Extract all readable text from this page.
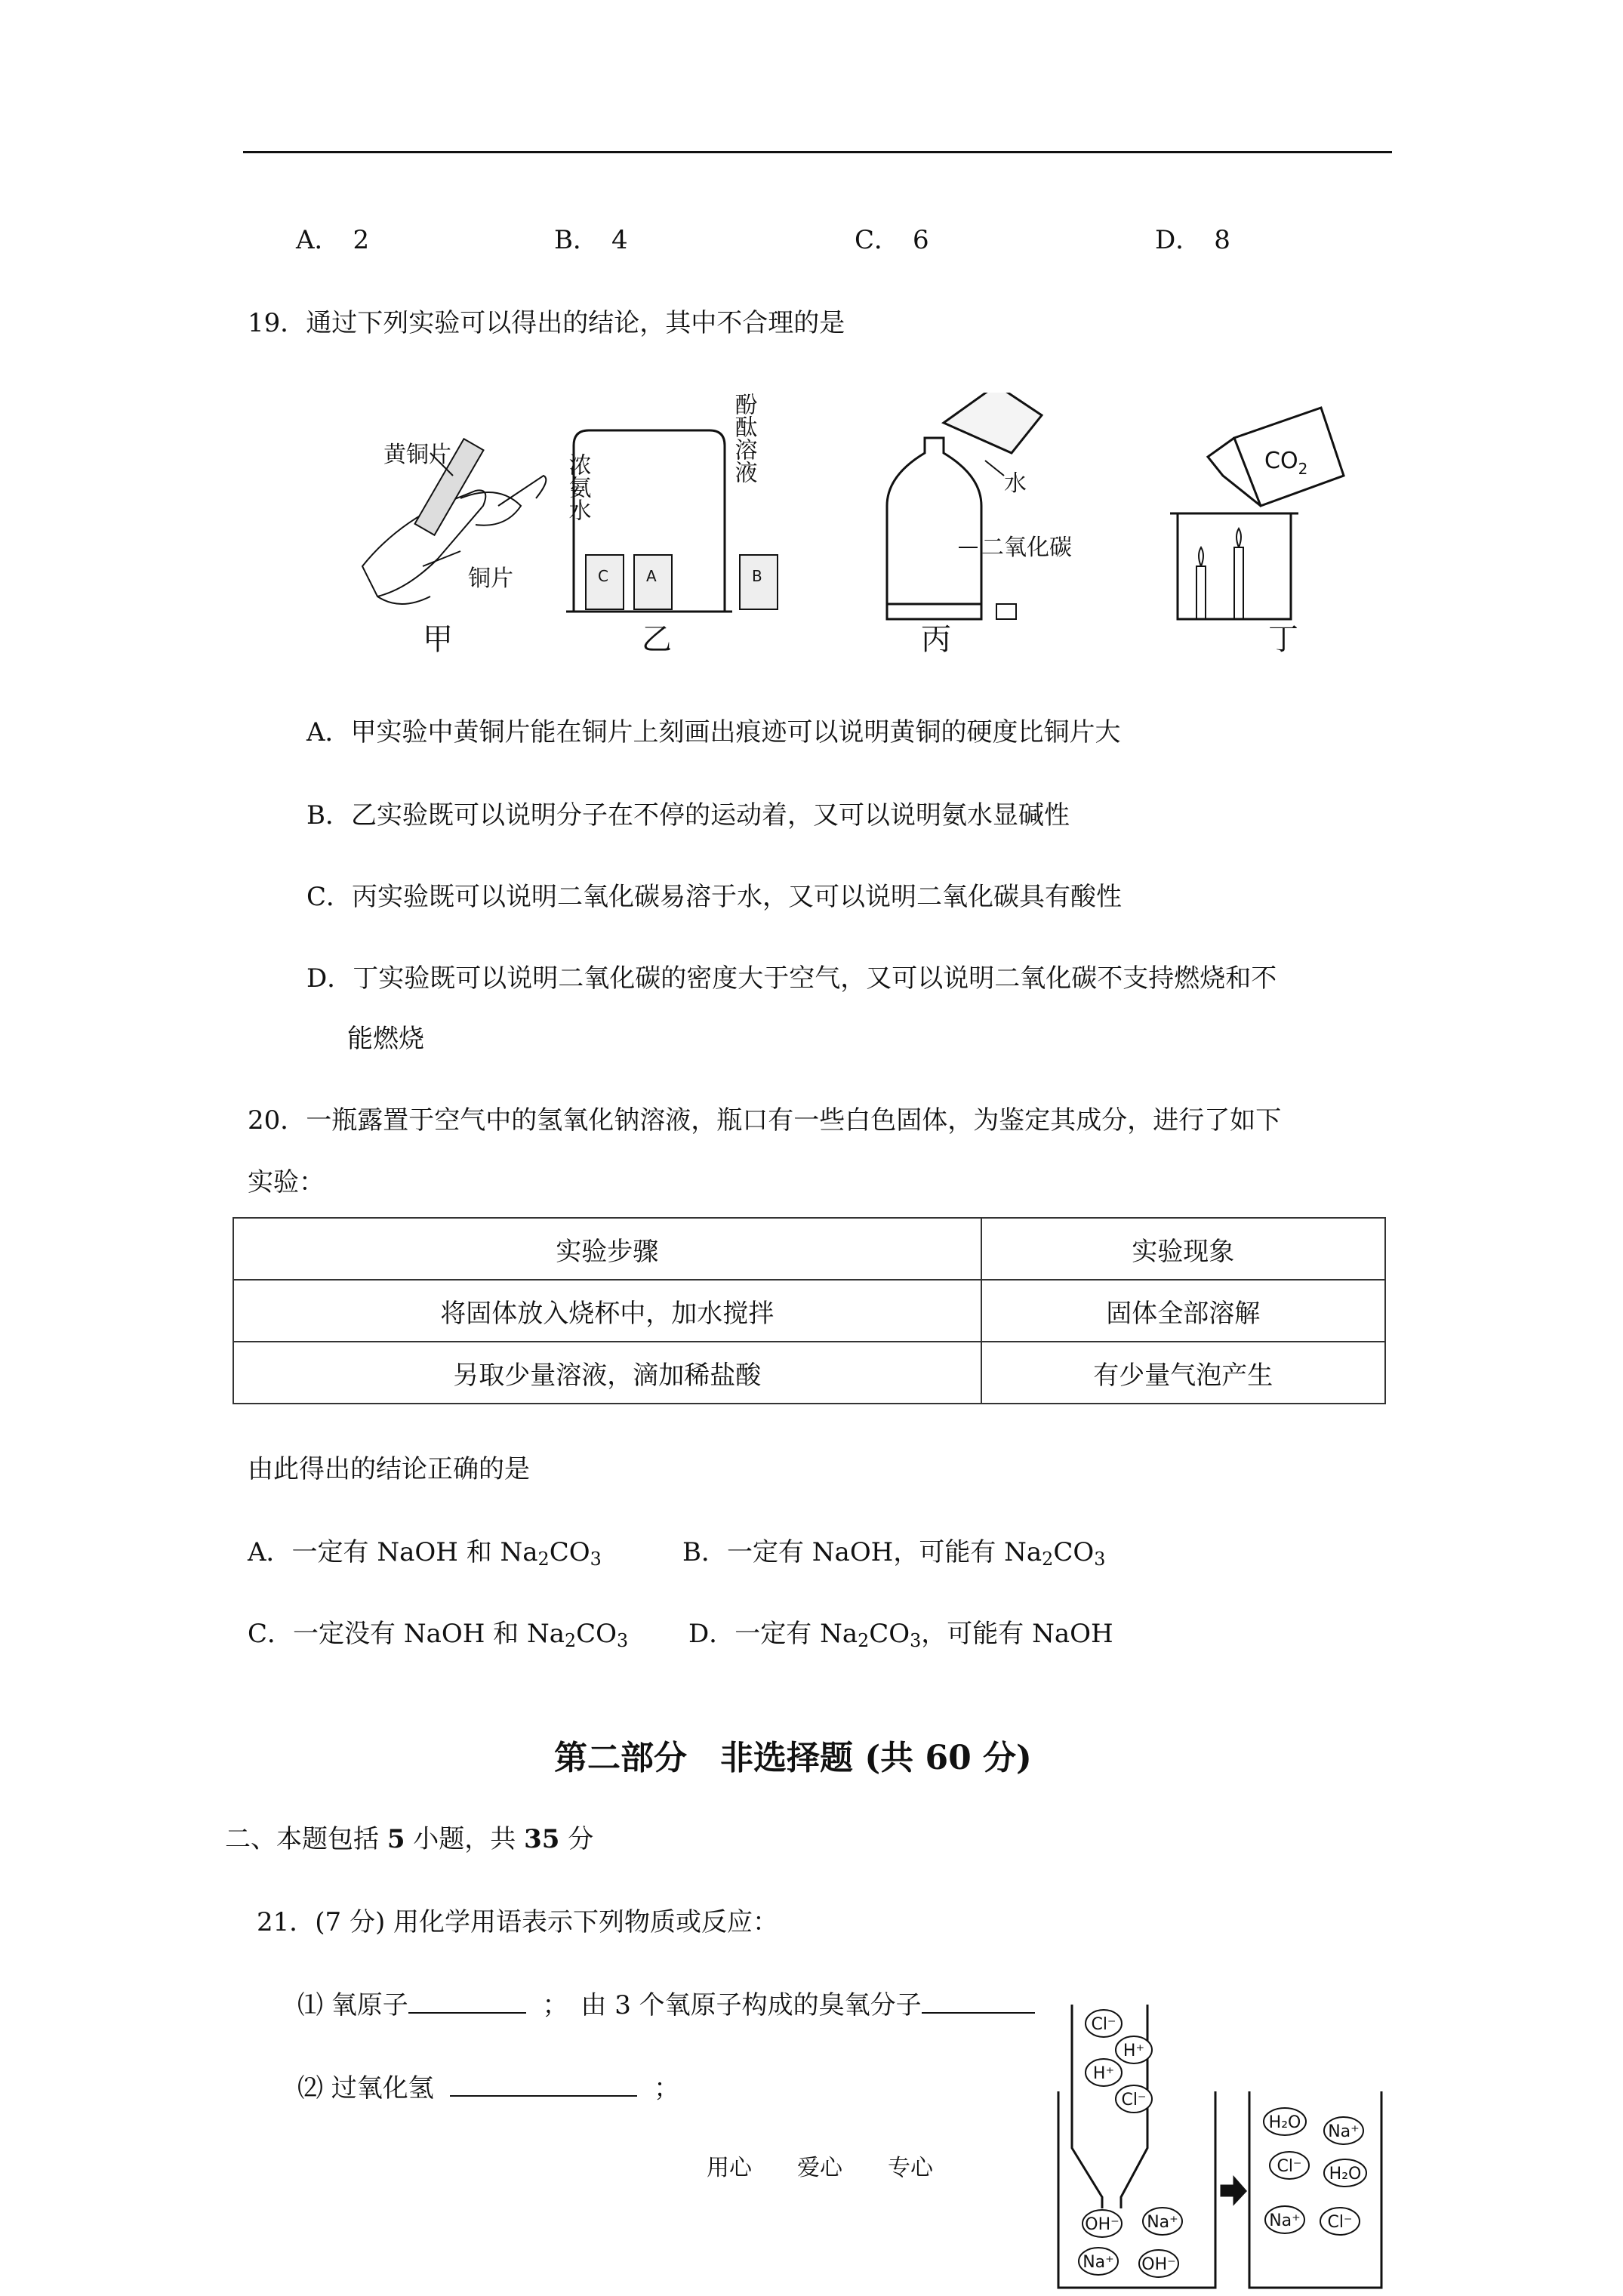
A．　2	B．　4	C．　6	D．　8
19．通过下列实验可以得出的结论，其中不合理的是
黄铜片
铜片
甲
C	A	B
浓氨水
酚酞溶液
乙
水
二氧化碳
丙
$CO_2$
丁
A．甲实验中黄铜片能在铜片上刻画出痕迹可以说明黄铜的硬度比铜片大
B．乙实验既可以说明分子在不停的运动着，又可以说明氨水显碱性
C．丙实验既可以说明二氧化碳易溶于水，又可以说明二氧化碳具有酸性
D．丁实验既可以说明二氧化碳的密度大于空气，又可以说明二氧化碳不支持燃烧和不
能燃烧
20．一瓶露置于空气中的氢氧化钠溶液，瓶口有一些白色固体，为鉴定其成分，进行了如下
实验：
实验步骤	实验现象
将固体放入烧杯中，加水搅拌	固体全部溶解
另取少量溶液，滴加稀盐酸	有少量气泡产生
由此得出的结论正确的是
A．一定有 NaOH 和 $Na_2CO_3$	B．一定有 NaOH，可能有 $Na_2CO_3$
C．一定没有 NaOH 和 $Na_2CO_3$ D．一定有 $Na_2CO_3$，可能有 NaOH
第二部分　非选择题 (共 60 分)
二、本题包括 5 小题，共 35 分
21．(7 分) 用化学用语表示下列物质或反应：
⑴ 氧原子	；　由 3 个氧原子构成的臭氧分子
⑵ 过氧化氢	；
Cl⁻
H⁺
H⁺
Cl⁻
OH⁻ Na⁺
Na⁺ OH⁻
H₂O Na⁺
Cl⁻ H₂O
Na⁺ Cl⁻
用心　　爱心　　专心
